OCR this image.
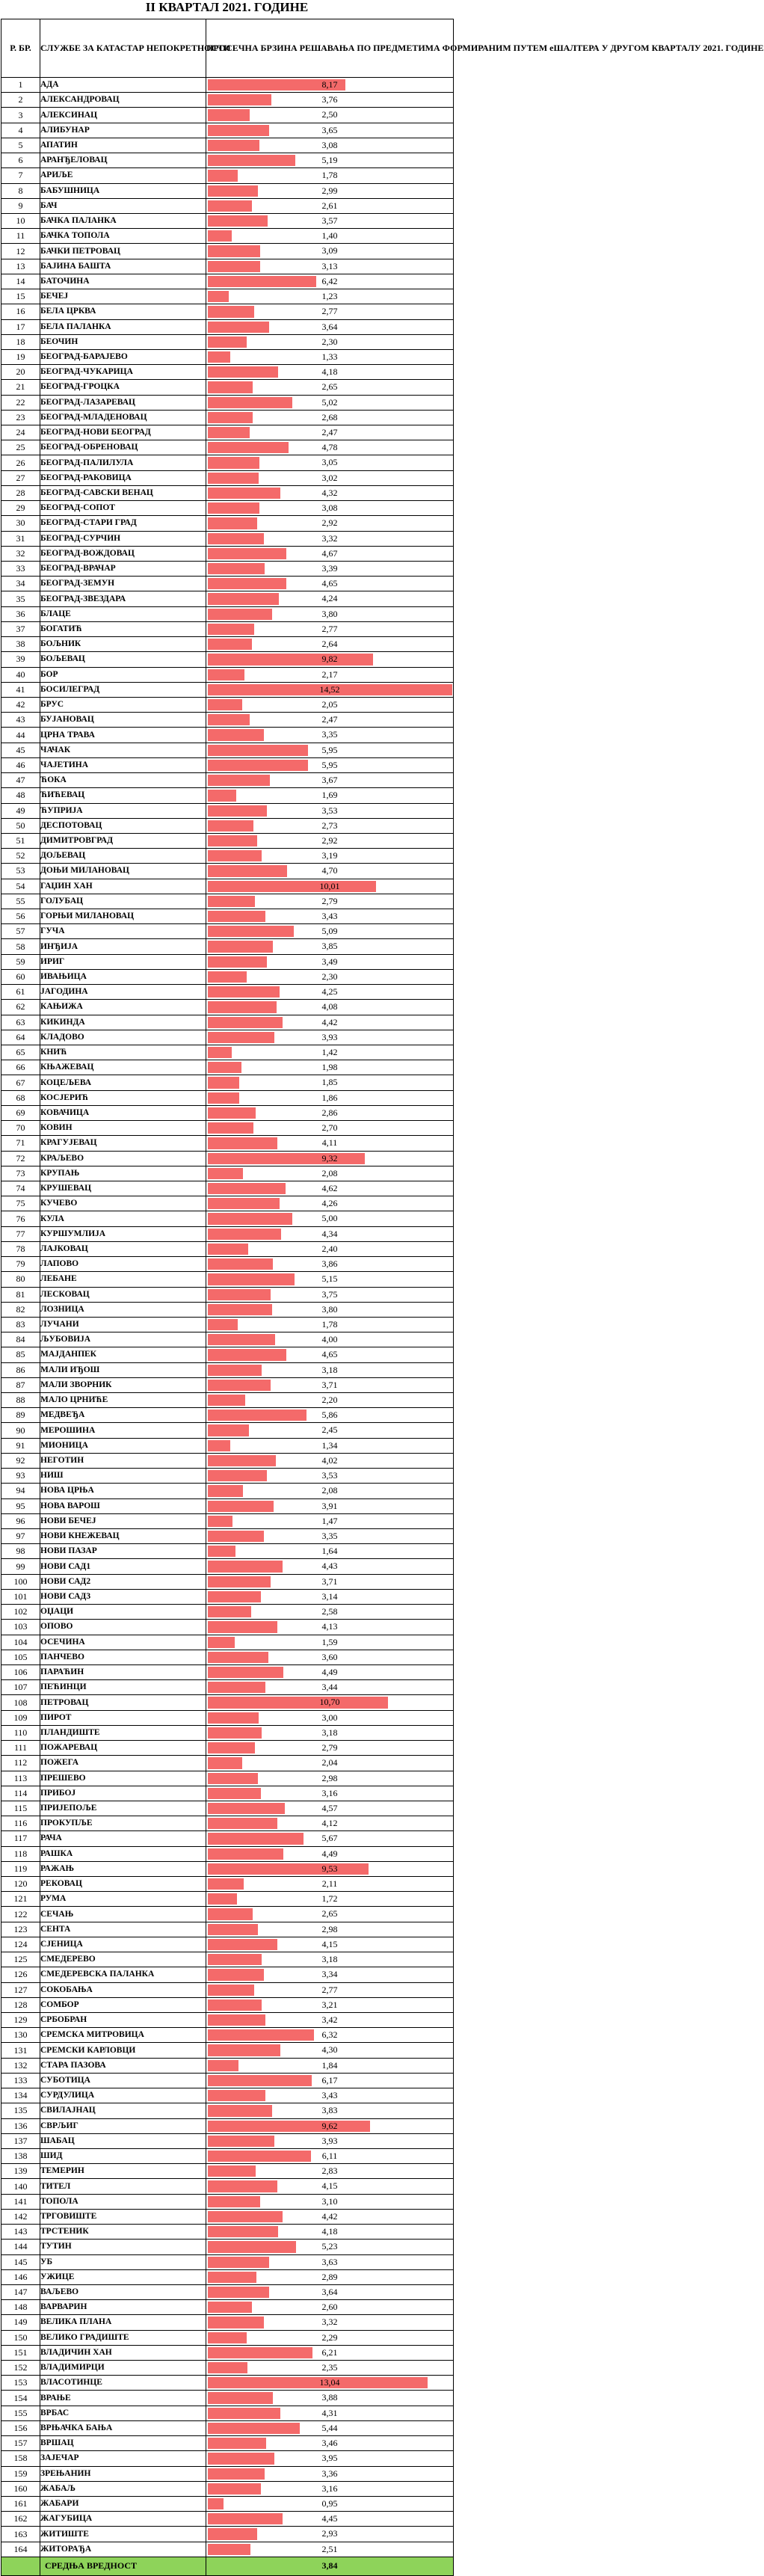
II КВАРТАЛ 2021. ГОДИНЕ
Р. БР.	СЛУЖБЕ ЗА КАТАСТАР НЕПОКРЕТНОСТИ	ПРОСЕЧНА БРЗИНА РЕШАВАЊА ПО ПРЕДМЕТИМА ФОРМИРАНИМ ПУТЕМ еШАЛТЕРА У ДРУГОМ КВАРТАЛУ 2021. ГОДИНЕ
1	АДА	8,17

2	АЛЕКСАНДРОВАЦ	3,76

3	АЛЕКСИНАЦ	2,50

4	АЛИБУНАР	3,65

5	АПАТИН	3,08

6	АРАНЂЕЛОВАЦ	5,19

7	АРИЉЕ	1,78

8	БАБУШНИЦА	2,99

9	БАЧ	2,61

10	БАЧКА ПАЛАНКА	3,57

11	БАЧКА ТОПОЛА	1,40

12	БАЧКИ ПЕТРОВАЦ	3,09

13	БАЈИНА БАШТА	3,13

14	БАТОЧИНА	6,42

15	БЕЧЕЈ	1,23

16	БЕЛА ЦРКВА	2,77

17	БЕЛА ПАЛАНКА	3,64

18	БЕОЧИН	2,30

19	БЕОГРАД-БАРАЈЕВО	1,33

20	БЕОГРАД-ЧУКАРИЦА	4,18

21	БЕОГРАД-ГРОЦКА	2,65

22	БЕОГРАД-ЛАЗАРЕВАЦ	5,02

23	БЕОГРАД-МЛАДЕНОВАЦ	2,68

24	БЕОГРАД-НОВИ БЕОГРАД	2,47

25	БЕОГРАД-ОБРЕНОВАЦ	4,78

26	БЕОГРАД-ПАЛИЛУЛА	3,05

27	БЕОГРАД-РАКОВИЦА	3,02

28	БЕОГРАД-САВСКИ ВЕНАЦ	4,32

29	БЕОГРАД-СОПОТ	3,08

30	БЕОГРАД-СТАРИ ГРАД	2,92

31	БЕОГРАД-СУРЧИН	3,32

32	БЕОГРАД-ВОЖДОВАЦ	4,67

33	БЕОГРАД-ВРАЧАР	3,39

34	БЕОГРАД-ЗЕМУН	4,65

35	БЕОГРАД-ЗВЕЗДАРА	4,24

36	БЛАЦЕ	3,80

37	БОГАТИЋ	2,77

38	БОЉНИК	2,64

39	БОЉЕВАЦ	9,82

40	БОР	2,17

41	БОСИЛЕГРАД	14,52

42	БРУС	2,05

43	БУЈАНОВАЦ	2,47

44	ЦРНА ТРАВА	3,35

45	ЧАЧАК	5,95

46	ЧАЈЕТИНА	5,95

47	ЋОКА	3,67

48	ЋИЋЕВАЦ	1,69

49	ЋУПРИЈА	3,53

50	ДЕСПОТОВАЦ	2,73

51	ДИМИТРОВГРАД	2,92

52	ДОЉЕВАЦ	3,19

53	ДОЊИ МИЛАНОВАЦ	4,70

54	ГАЏИН ХАН	10,01

55	ГОЛУБАЦ	2,79

56	ГОРЊИ МИЛАНОВАЦ	3,43

57	ГУЧА	5,09

58	ИНЂИЈА	3,85

59	ИРИГ	3,49

60	ИВАЊИЦА	2,30

61	ЈАГОДИНА	4,25

62	КАЊИЖА	4,08

63	КИКИНДА	4,42

64	КЛАДОВО	3,93

65	КНИЋ	1,42

66	КЊАЖЕВАЦ	1,98

67	КОЦЕЉЕВА	1,85

68	КОСЈЕРИЋ	1,86

69	КОВАЧИЦА	2,86

70	КОВИН	2,70

71	КРАГУЈЕВАЦ	4,11

72	КРАЉЕВО	9,32

73	КРУПАЊ	2,08

74	КРУШЕВАЦ	4,62

75	КУЧЕВО	4,26

76	КУЛА	5,00

77	КУРШУМЛИЈА	4,34

78	ЛАЈКОВАЦ	2,40

79	ЛАПОВО	3,86

80	ЛЕБАНЕ	5,15

81	ЛЕСКОВАЦ	3,75

82	ЛОЗНИЦА	3,80

83	ЛУЧАНИ	1,78

84	ЉУБОВИЈА	4,00

85	МАЈДАНПЕК	4,65

86	МАЛИ ИЂОШ	3,18

87	МАЛИ ЗВОРНИК	3,71

88	МАЛО ЦРНИЋЕ	2,20

89	МЕДВЕЂА	5,86

90	МЕРОШИНА	2,45

91	МИОНИЦА	1,34

92	НЕГОТИН	4,02

93	НИШ	3,53

94	НОВА ЦРЊА	2,08

95	НОВА ВАРОШ	3,91

96	НОВИ БЕЧЕЈ	1,47

97	НОВИ КНЕЖЕВАЦ	3,35

98	НОВИ ПАЗАР	1,64

99	НОВИ САД1	4,43

100	НОВИ САД2	3,71

101	НОВИ САД3	3,14

102	ОЏАЦИ	2,58

103	ОПОВО	4,13

104	ОСЕЧИНА	1,59

105	ПАНЧЕВО	3,60

106	ПАРАЋИН	4,49

107	ПЕЋИНЦИ	3,44

108	ПЕТРОВАЦ	10,70

109	ПИРОТ	3,00

110	ПЛАНДИШТЕ	3,18

111	ПОЖАРЕВАЦ	2,79

112	ПОЖЕГА	2,04

113	ПРЕШЕВО	2,98

114	ПРИБОЈ	3,16

115	ПРИЈЕПОЉЕ	4,57

116	ПРОКУПЉЕ	4,12

117	РАЧА	5,67

118	РАШКА	4,49

119	РАЖАЊ	9,53

120	РЕКОВАЦ	2,11

121	РУМА	1,72

122	СЕЧАЊ	2,65

123	СЕНТА	2,98

124	СЈЕНИЦА	4,15

125	СМЕДЕРЕВО	3,18

126	СМЕДЕРЕВСКА ПАЛАНКА	3,34

127	СОКОБАЊА	2,77

128	СОМБОР	3,21

129	СРБОБРАН	3,42

130	СРЕМСКА МИТРОВИЦА	6,32

131	СРЕМСКИ КАРЛОВЦИ	4,30

132	СТАРА ПАЗОВА	1,84

133	СУБОТИЦА	6,17

134	СУРДУЛИЦА	3,43

135	СВИЛАЈНАЦ	3,83

136	СВРЉИГ	9,62

137	ШАБАЦ	3,93

138	ШИД	6,11

139	ТЕМЕРИН	2,83

140	ТИТЕЛ	4,15

141	ТОПОЛА	3,10

142	ТРГОВИШТЕ	4,42

143	ТРСТЕНИК	4,18

144	ТУТИН	5,23

145	УБ	3,63

146	УЖИЦЕ	2,89

147	ВАЉЕВО	3,64

148	ВАРВАРИН	2,60

149	ВЕЛИКА ПЛАНА	3,32

150	ВЕЛИКО ГРАДИШТЕ	2,29

151	ВЛАДИЧИН ХАН	6,21

152	ВЛАДИМИРЦИ	2,35

153	ВЛАСОТИНЦЕ	13,04

154	ВРАЊЕ	3,88

155	ВРБАС	4,31

156	ВРЊАЧКА БАЊА	5,44

157	ВРШАЦ	3,46

158	ЗАЈЕЧАР	3,95

159	ЗРЕЊАНИН	3,36

160	ЖАБАЉ	3,16

161	ЖАБАРИ	0,95

162	ЖАГУБИЦА	4,45

163	ЖИТИШТЕ	2,93

164	ЖИТОРАЂА	2,51

	СРЕДЊА ВРЕДНОСТ	3,84
